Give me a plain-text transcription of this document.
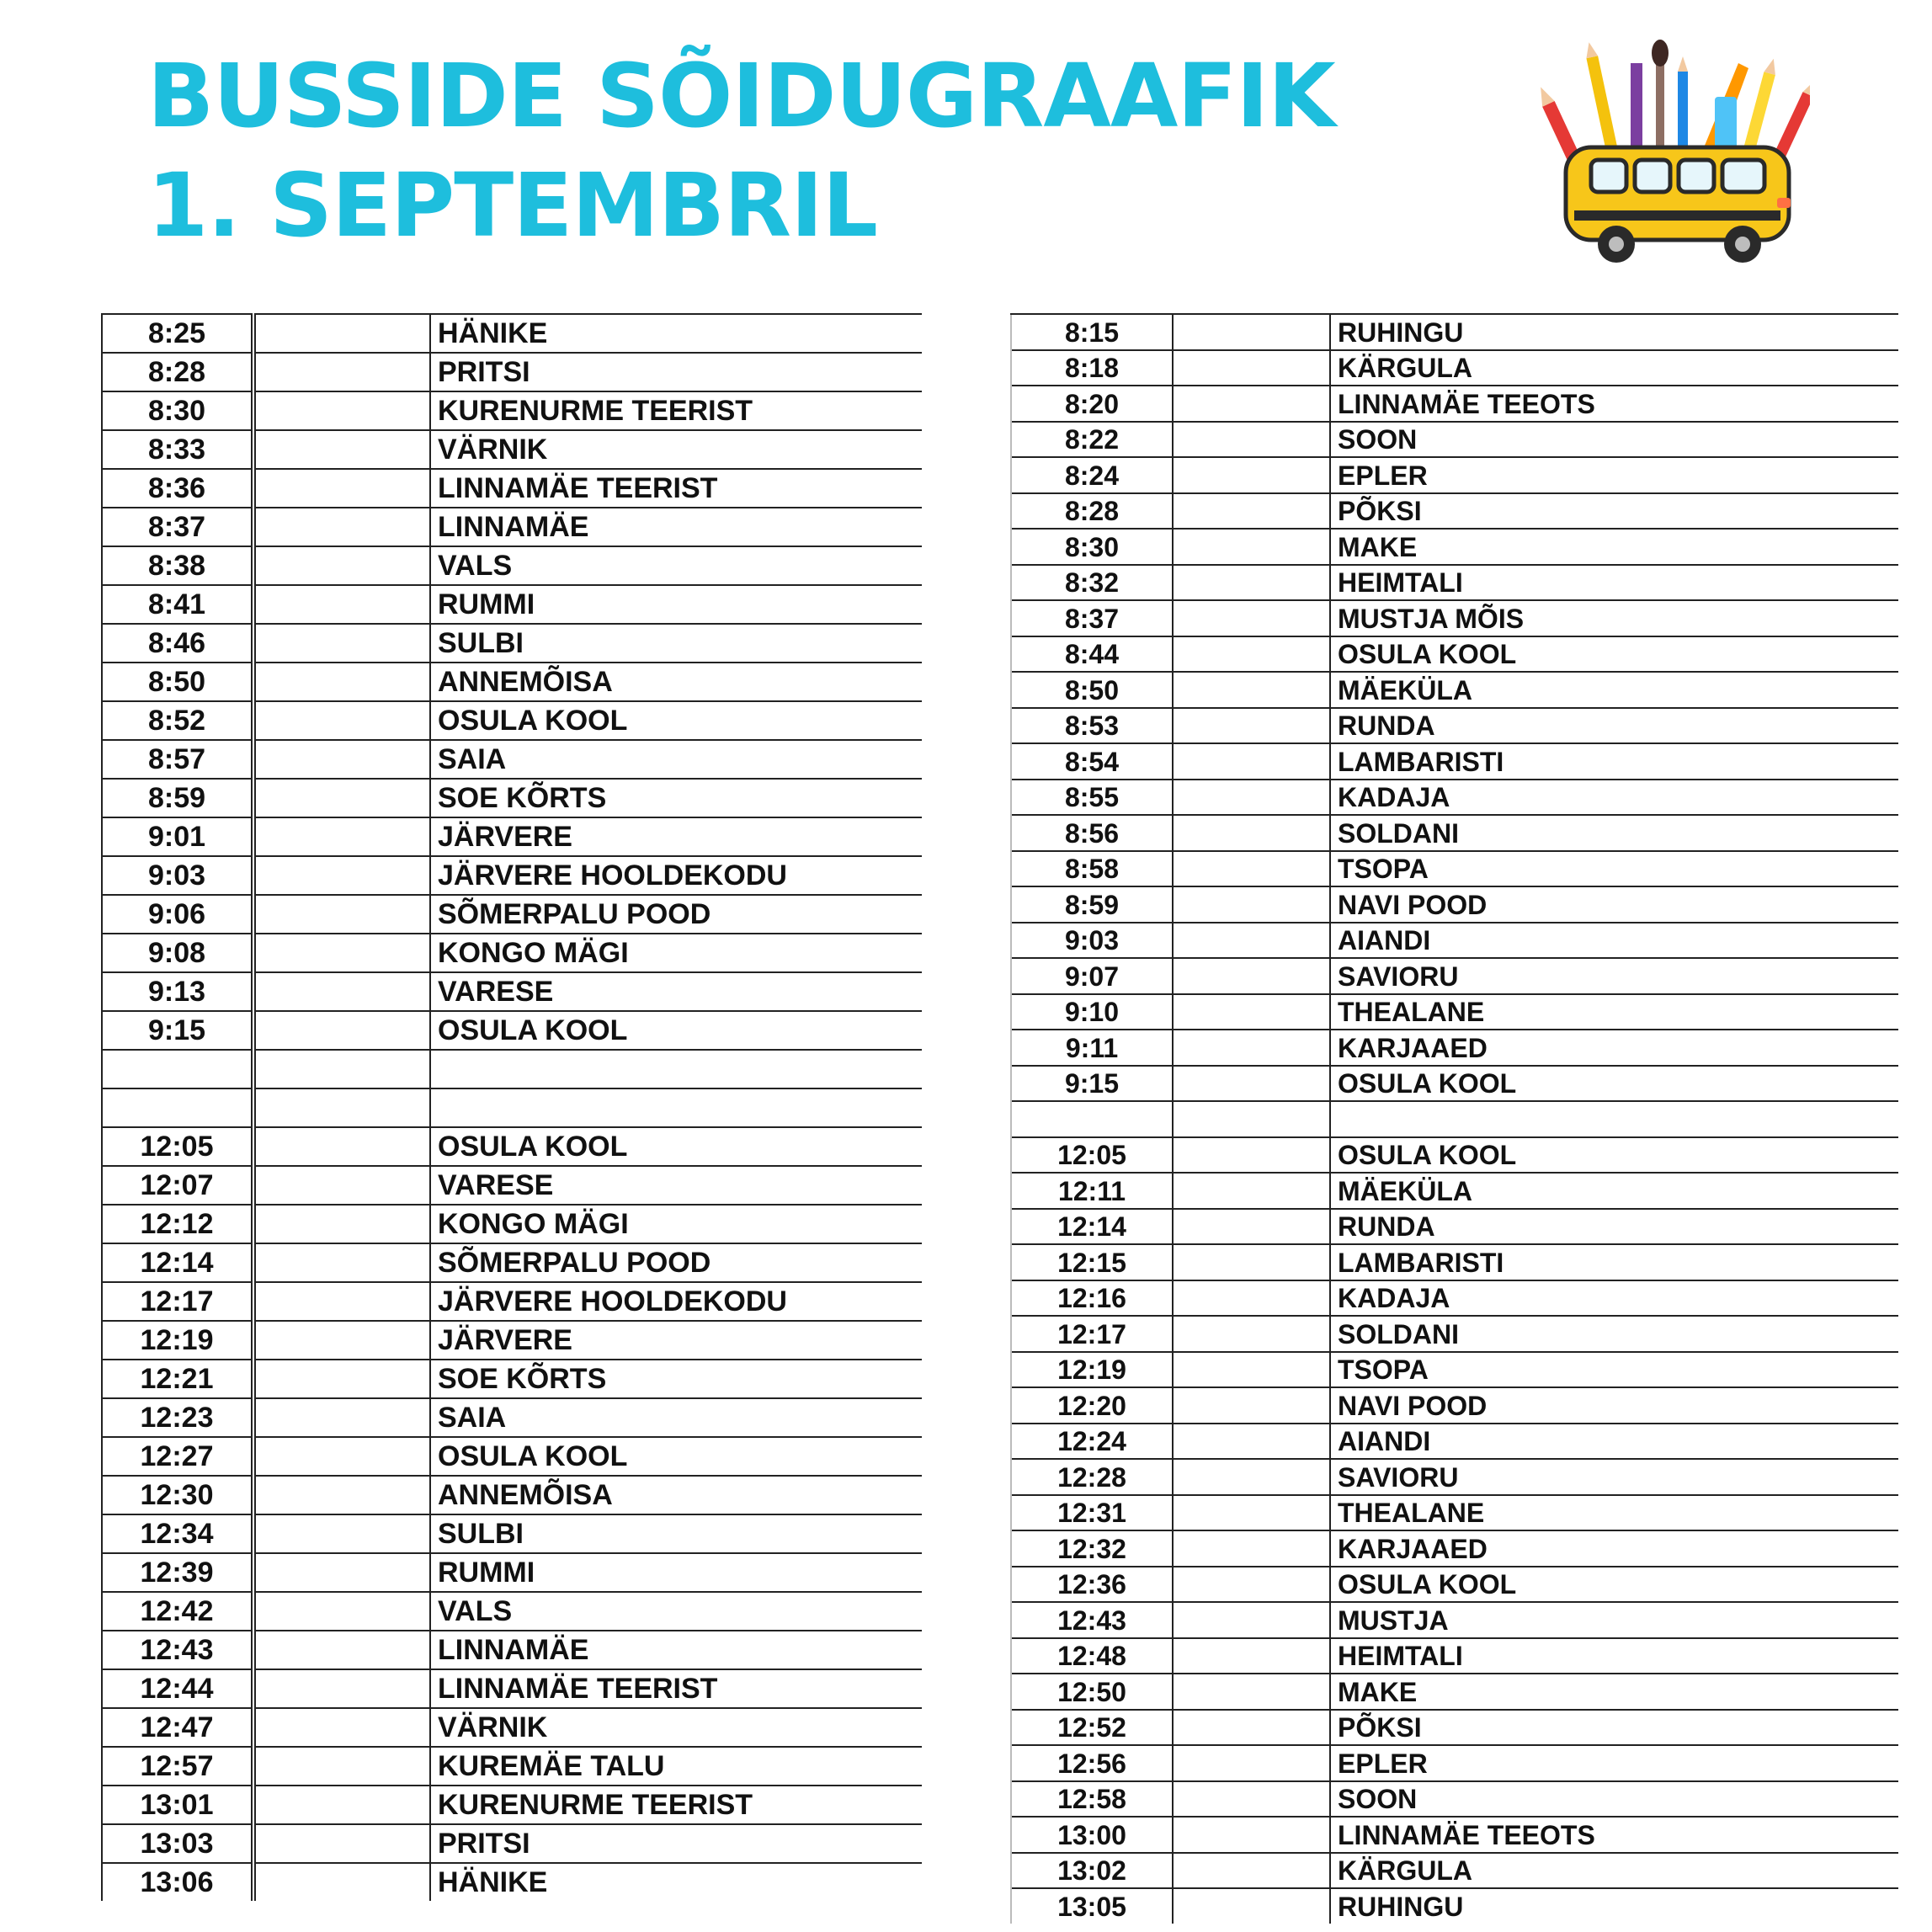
BUSSIDE SÕIDUGRAAFIK
1. SEPTEMBRIL
8:25		HÄNIKE
8:28		PRITSI
8:30		KURENURME TEERIST
8:33		VÄRNIK
8:36		LINNAMÄE TEERIST
8:37		LINNAMÄE
8:38		VALS
8:41		RUMMI
8:46		SULBI
8:50		ANNEMÕISA
8:52		OSULA KOOL
8:57		SAIA
8:59		SOE KÕRTS
9:01		JÄRVERE
9:03		JÄRVERE HOOLDEKODU
9:06		SÕMERPALU POOD
9:08		KONGO MÄGI
9:13		VARESE
9:15		OSULA KOOL

12:05		OSULA KOOL
12:07		VARESE
12:12		KONGO MÄGI
12:14		SÕMERPALU POOD
12:17		JÄRVERE HOOLDEKODU
12:19		JÄRVERE
12:21		SOE KÕRTS
12:23		SAIA
12:27		OSULA KOOL
12:30		ANNEMÕISA
12:34		SULBI
12:39		RUMMI
12:42		VALS
12:43		LINNAMÄE
12:44		LINNAMÄE TEERIST
12:47		VÄRNIK
12:57		KUREMÄE TALU
13:01		KURENURME TEERIST
13:03		PRITSI
13:06		HÄNIKE
8:15		RUHINGU
8:18		KÄRGULA
8:20		LINNAMÄE TEEOTS
8:22		SOON
8:24		EPLER
8:28		PÕKSI
8:30		MAKE
8:32		HEIMTALI
8:37		MUSTJA MÕIS
8:44		OSULA KOOL
8:50		MÄEKÜLA
8:53		RUNDA
8:54		LAMBARISTI
8:55		KADAJA
8:56		SOLDANI
8:58		TSOPA
8:59		NAVI POOD
9:03		AIANDI
9:07		SAVIORU
9:10		THEALANE
9:11		KARJAAED
9:15		OSULA KOOL

12:05		OSULA KOOL
12:11		MÄEKÜLA
12:14		RUNDA
12:15		LAMBARISTI
12:16		KADAJA
12:17		SOLDANI
12:19		TSOPA
12:20		NAVI POOD
12:24		AIANDI
12:28		SAVIORU
12:31		THEALANE
12:32		KARJAAED
12:36		OSULA KOOL
12:43		MUSTJA
12:48		HEIMTALI
12:50		MAKE
12:52		PÕKSI
12:56		EPLER
12:58		SOON
13:00		LINNAMÄE TEEOTS
13:02		KÄRGULA
13:05		RUHINGU
